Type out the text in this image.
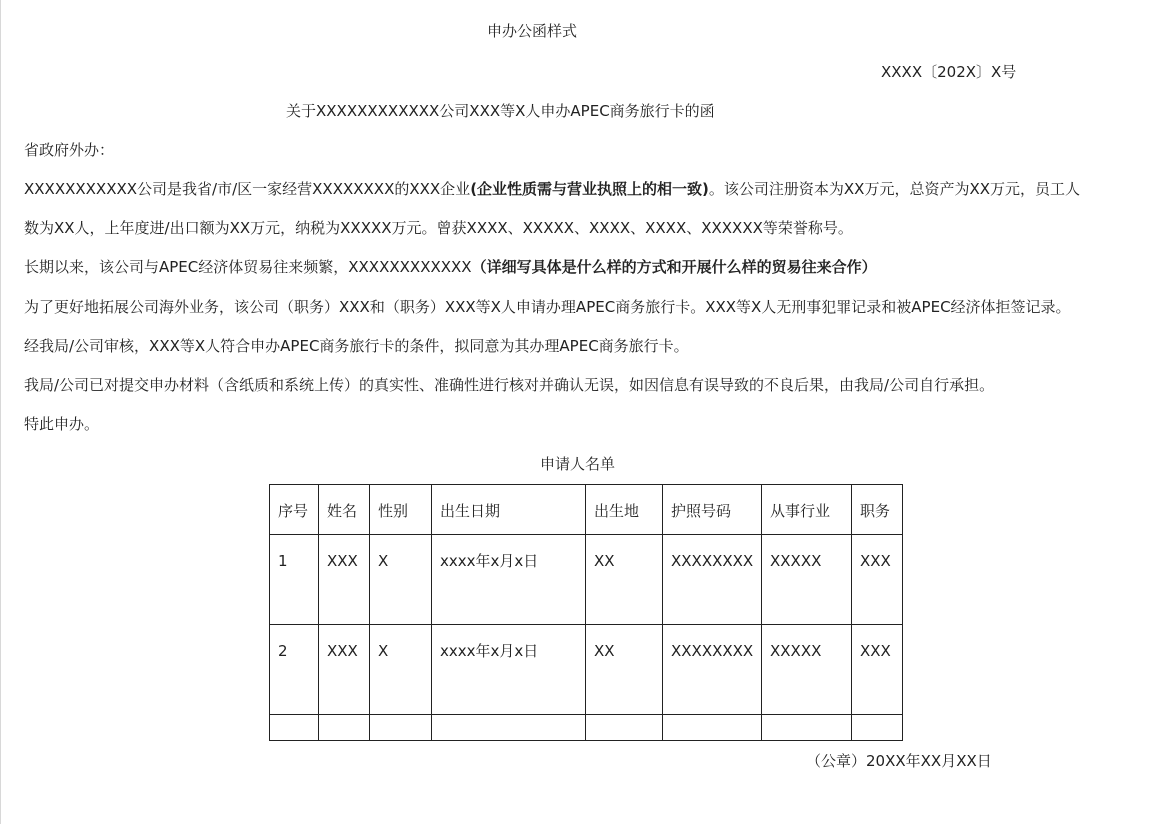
申办公函样式
XXXX〔202X〕X号
关于XXXXXXXXXXXX公司XXX等X人申办APEC商务旅行卡的函
省政府外办：
XXXXXXXXXXX公司是我省/市/区一家经营XXXXXXXX的XXX企业(企业性质需与营业执照上的相一致)。该公司注册资本为XX万元，总资产为XX万元，员工人
数为XX人，上年度进/出口额为XX万元，纳税为XXXXX万元。曾获XXXX、XXXXX、XXXX、XXXX、XXXXXX等荣誉称号。
长期以来，该公司与APEC经济体贸易往来频繁，XXXXXXXXXXXX（详细写具体是什么样的方式和开展什么样的贸易往来合作）
为了更好地拓展公司海外业务，该公司（职务）XXX和（职务）XXX等X人申请办理APEC商务旅行卡。XXX等X人无刑事犯罪记录和被APEC经济体拒签记录。
经我局/公司审核，XXX等X人符合申办APEC商务旅行卡的条件，拟同意为其办理APEC商务旅行卡。
我局/公司已对提交申办材料（含纸质和系统上传）的真实性、准确性进行核对并确认无误，如因信息有误导致的不良后果，由我局/公司自行承担。
特此申办。
申请人名单
序号	姓名	性别	出生日期	出生地	护照号码	从事行业	职务
1	XXX	X	xxxx年x月x日	XX	XXXXXXXX	XXXXX	XXX
2	XXX	X	xxxx年x月x日	XX	XXXXXXXX	XXXXX	XXX

（公章）20XX年XX月XX日
